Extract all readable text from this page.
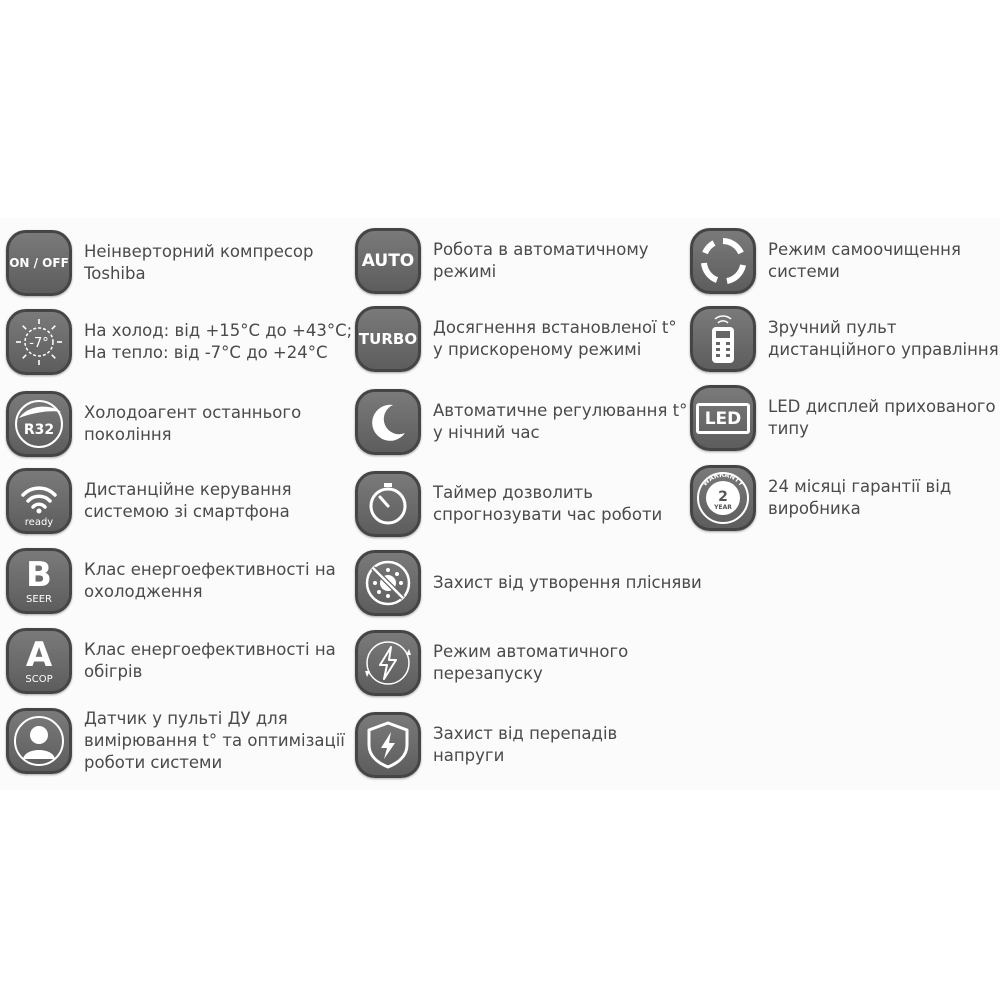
ON / OFF
Неінверторний компресор
Toshiba
-7°
На холод: від +15°С до +43°С;
На тепло: від -7°С до +24°С
R32
Холодоагент останнього
покоління
ready
Дистанційне керування
системою зі смартфона
B
SEER
Клас енергоефективності на
охолодження
A
SCOP
Клас енергоефективності на
обігрів
Датчик у пульті ДУ для
вимірювання t° та оптимізації
роботи системи
AUTO
Робота в автоматичному
режимі
TURBO
Досягнення встановленої t°
у прискореному режимі
Автоматичне регулювання t°
у нічний час
Таймер дозволить
спрогнозувати час роботи
Захист від утворення плісняви
Режим автоматичного
перезапуску
Захист від перепадів
напруги
Режим самоочищення
системи
Зручний пульт
дистанційного управління
LED
LED дисплей прихованого
типу
WARRANTY
2
YEAR
24 місяці гарантії від
виробника
